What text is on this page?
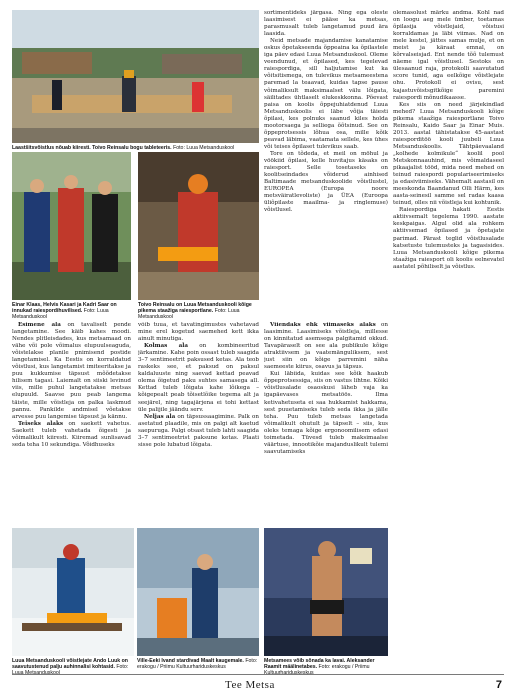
Laastšitsvõistlus nõuab kiiresti. Toivo Reinsalu bogu tableteeris. Foto: Luua Metsanduskool
Einar Klaas, Helvis Kasari ja Kadri Saar on innukad raiespordihuvilised. Foto: Luua Metsanduskool
Toivo Reinsalu on Luua Metsanduskooli kõige pikema staažiga raiesportlane. Foto: Luua Metsanduskool
Luua Metsanduskooli võistlejate Ando Luuk on saavutustenud palju auhinnalisi kohtasid. Foto: Luua Metsanduskool
Ville-Eeki Ivand stardivad Maalt kaugemale. Foto: erakogu / Priimu Kultuurhariduskeskus
Metsamees võib sõnada ka lavai. Aleksander Raamit määlinetabes. Foto: erakogu / Priimu Kultuurhariduskeskus

Esimene ala on tavaliselt pende langetamine. See käib kahes moodi. Nendes plitleisdades, kus metsamaad on vähe või pole võimalus elupuulseaguda, võistelakse planile pnimisend postide langetamisel. Ka Eestis on korraldatud võistlusi, kus langetamist imiteeritakse ja puu kukkumise täpsust mõõdetakse hilisem tagasi. Laiemalt on siiski levinud viis, mille puhul langetatakse metsas elupuuld. Saavse puu peab langema täiste, mille võistleja on palka laskmud pannu. Pankilde andmisel võetakse arvesse puu langemise täpsust ja kännu.

Teiseks alaks on saekett vahetus. Saekett tuleb vahetada õigesti ja võimalikult kiiresti. Kiiremad sunlisavad seda teha 10 sekundiga. Võidhuseks

võib tuua, et tavatingimustes vahetavad mine erel kogetud saemehed kett ikka ainult minutiga.

Kolmas ala on kombineeritud järkamine. Kahe poin ossast tuleb saagida 3–7 sentimeetrit paksused ketas. Ala teob raskeks see, et paksud on paksul kaldaluuste ning saevad kettad peavad olema õigetud paku suhtes samasega all. Kettad tuleb lõigata kahe lõikega – kõigepealt peab tõisetlõike tegema alt ja seejärel, ning tagajärjena ei tohi kettast üle palijile jäändu serv.

Neljas ala on täpsussaagimine. Palk on asetatud plaadile, mis on palgi alt kaetud saepuruga. Palgi otsast tuleb lahti saagida 3–7 sentimeetrist paksune ketas. Plaati sisse pole lubatud lõigata.

Viiendaks ehk viimaseks alaks on laasimine. Laasimiseks võistleja, millesse on kinnitatud asemsega palgitamid okkud. Tavapäraselt on see ala publikule kõige atraktiivsem ja vaatemänguliksem, sest just siin on kõige parremini näha saemeeste kiirus, osavus ja täpsus.

Kui läbiida, kuidas see kõik haakub õppeprotsessiga, siis on vastus lihtne. Kõiki võistlusalade osaoskusi läheb vaja ka igapäevases metsatöös. Ilma ketivahetuseta ei saa hukkamist hakkama, sest puuetamiseks tuleb seda ikka ja jälle teha. Puu tuleb metsas langetada võimalikult ohutult ja täpselt – siis, kus oleks temaga kõige ergonoomilisem edasi toimetada. Tüvesd tuleb maksimaalse väärtuse, innootikõie majanduslikult tulemi saavutamiseks

sortimentideks järgasa. Ning ega oleste laasimisest ei pääse ka metsas, parasmusalt tuleb langetamud puud ära laasida.

Neid metsade majandamise kanatamise oskus õpetakseenda õppeaina ka õpilastele iga päev edasi Luua Metsanduskool. Oleme veendunud, et õpilased, kes tegelevad raiespordiga, sill haljutamise kut ka võitsitismega, on tulevikus metsameestena paremad la teaavad, kuidas tapse pause võimaliksult maksimaalset välu lõigata, säilitades ühtlaselt elukeskkonna. Põevast paisa on koolis õppejuhiatdenud Luua Metsanduskoolis ei läbe võija täiesti õpilasi, kes polnuks saanud kiles holda mootorsaega ja selliega õõtsinud. See on õppeprotsessis lõhua osa, mille kõik peavad läbima, vaatamata sellele, kes ühes või teises õpilaset tulevikus saab.

Tore on tõdeda, et meil on möhul ja vöökiid õpilasi, kelle huvitajus käsaks on raiesport. Selle tosetaseks on koolitseindades võiderud ainhised Baltimaade metsanduskoolide võistlustel, EUROPEA (Europa noore metsväiratlevoliste) ja ÜEA (Euroopa üliõpilaste maailma- ja ringlemuse) võistlusel.

olemasolust märku andma. Kohl nad on loogu aeg mele ümber, toetamas õpilasija võistlejaid, võistusi korraldamas ja läbi viimas. Nad on mele kestel, jättes samas mulje, et on meist ja käraat emnal, on kõrvalseisjad. Ent nende tõõ tulemust näeme igal võistlusel. Sestoks on ülesaanud raja, protokolli saavutatud score tunid, aga eelkõige võistlejate ohu. Protokoll ei ovisu, sest kajastuvõistsgitkõige paremini raiespordi mõnudikaasse.

Kes siis on need järjekindlad mehed? Luua Metsanduskooli kõige pikema staažiga raiesportlane Toivo Reinsalu, Kaido Saar ja Einar Muis. 2013. aastal tähistatakse 45-aastast raiesporditöö kooli juubeli Luua Metsanduskoolis. Tähtpäevaaland „kolhede kolmikule“ koolil pool Metskonnaauhind, mis võimaldaseel pikaajalist tööd, mida need mehed on teinud raiespordi populariseerimiseks ja edasiviimiseks. Vähemalt aastasil on meeskonda Baandanud Olli Härm, kes aasta-seinesil samme sel radas kaasa teinud, olles nii võistleja kui kohtunik.

Raiespordiga hakati Eestis aktiivsemalt tegelema 1990. aastate keskpaigas. Algul olid ala rohkem aktiivsemad õpilased ja õpetajate parimad. Pärast teglid võistlusalade katsetuste tulemusteks ja tagasisides. Luua Metsanduskooli kõige pikema staažiga raiesport oli koolis eelnevatel aastatel põhiliselt ja võistlus.

Tee Metsa	7
